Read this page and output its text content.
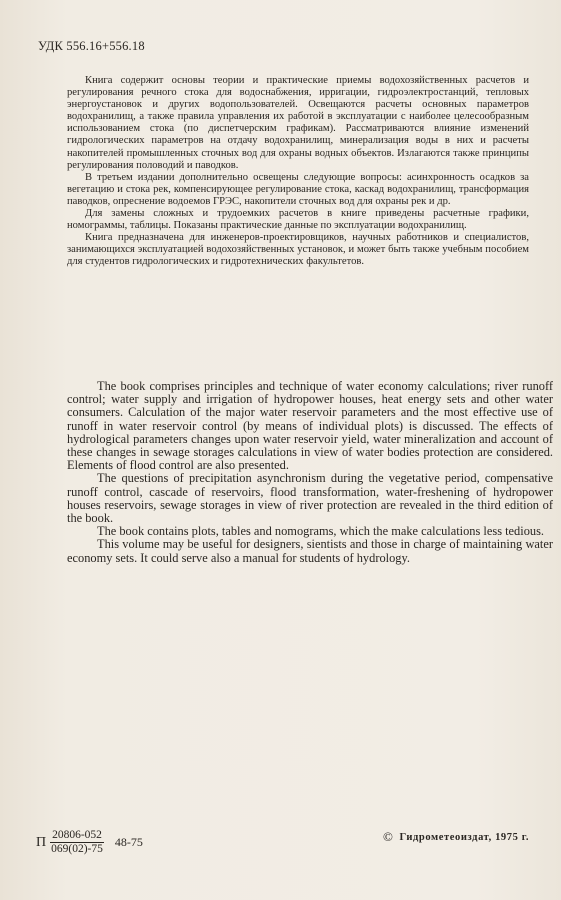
УДК 556.16+556.18

Книга содержит основы теории и практические приемы водохозяйственных расчетов и регулирования речного стока для водоснабжения, ирригации, гидроэлектростанций, тепловых энергоустановок и других водопользователей. Освещаются расчеты основных параметров водохранилищ, а также правила управления их работой в эксплуатации с наиболее целесообразным использованием стока (по диспетчерским графикам). Рассматриваются влияние изменений гидрологических параметров на отдачу водохранилищ, минерализация воды в них и расчеты накопителей промышленных сточных вод для охраны водных объектов. Излагаются также принципы регулирования половодий и паводков.

В третьем издании дополнительно освещены следующие вопросы: асинхронность осадков за вегетацию и стока рек, компенсирующее регулирование стока, каскад водохранилищ, трансформация паводков, опреснение водоемов ГРЭС, накопители сточных вод для охраны рек и др.

Для замены сложных и трудоемких расчетов в книге приведены расчетные графики, номограммы, таблицы. Показаны практические данные по эксплуатации водохранилищ.

Книга предназначена для инженеров-проектировщиков, научных работников и специалистов, занимающихся эксплуатацией водохозяйственных установок, и может быть также учебным пособием для студентов гидрологических и гидротехнических факультетов.

The book comprises principles and technique of water economy calculations; river runoff control; water supply and irrigation of hydropower houses, heat energy sets and other water consumers. Calculation of the major water reservoir parameters and the most effective use of runoff in water reservoir control (by means of individual plots) is discussed. The effects of hydrological parameters changes upon water reservoir yield, water mineralization and account of these changes in sewage storages calculations in view of water bodies protection are considered. Elements of flood control are also presented.

The questions of precipitation asynchronism during the vegetative period, compensative runoff control, cascade of reservoirs, flood transformation, water-freshening of hydropower houses reservoirs, sewage storages in view of river protection are revealed in the third edition of the book.

The book contains plots, tables and nomograms, which the make calculations less tedious.

This volume may be useful for designers, sientists and those in charge of maintaining water economy sets. It could serve also a manual for students of hydrology.

П $\frac{20806-052}{069(02)-75} 48-75$	© Гидрометеоиздат, 1975 г.
